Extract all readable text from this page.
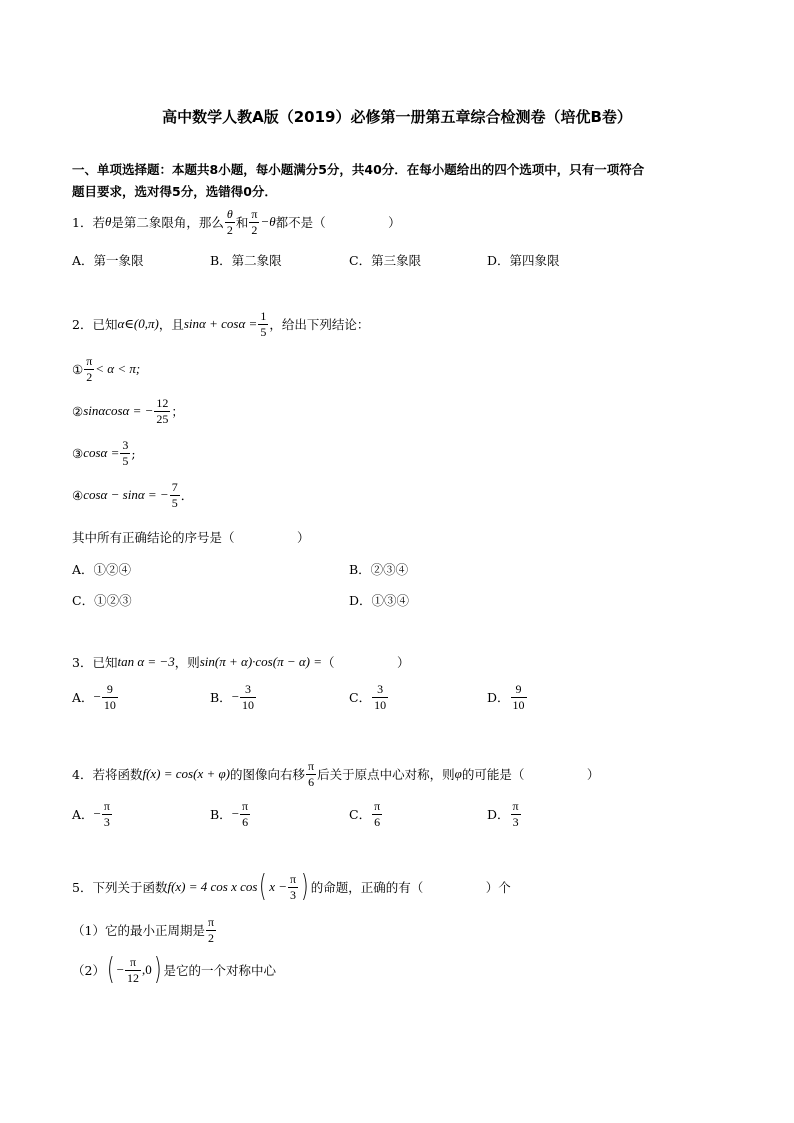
高中数学人教A版（2019）必修第一册第五章综合检测卷（培优B卷）
一、单项选择题：本题共8小题，每小题满分5分，共40分．在每小题给出的四个选项中，只有一项符合
题目要求，选对得5分，选错得0分．
1． 若 θ 是第二象限角，那么 $\frac{\theta}{2}$ 和 $\frac{\pi}{2} -\theta$ 都不是（　　　　　）
A．第一象限	B．第二象限	C．第三象限	D．第四象限
2． 已知 α∈(0,π) ，且 $\sin\alpha + \cos\alpha = \frac{1}{5}$ ，给出下列结论：
① $\frac{\pi}{2} < \alpha < \pi$;
② sinαcosα = − $\frac{12}{25}$ ；
③ $\cos\alpha = \frac{3}{5}$ ;
④ cosα − sinα = − $\frac{7}{5}$ ．
其中所有正确结论的序号是（　　　　　）
A．①②④	B．②③④
C．①②③	D．①③④
3． 已知 tan α = −3 ，则 sin(π + α)·cos(π − α) = （　　　　　）
A． − $\frac{9}{10}$	B． − $\frac{3}{10}$	C． $\frac{3}{10}$	D． $\frac{9}{10}$
4． 若将函数 f(x) = cos(x + φ) 的图像向右移 $\frac{\pi}{6}$ 后关于原点中心对称，则 φ 的可能是（　　　　　）
A． − $\frac{\pi}{3}$	B． − $\frac{\pi}{6}$	C． $\frac{\pi}{6}$	D． $\frac{\pi}{3}$
5． 下列关于函数 f(x) = 4 cos x cos ( $x - \frac{\pi}{3}$ ) 的命题，正确的有（　　　　　）个
（1） 它的最小正周期是 $\frac{\pi}{2}$
（2） ( − $\frac{\pi}{12} ,0$ ) 是它的一个对称中心
